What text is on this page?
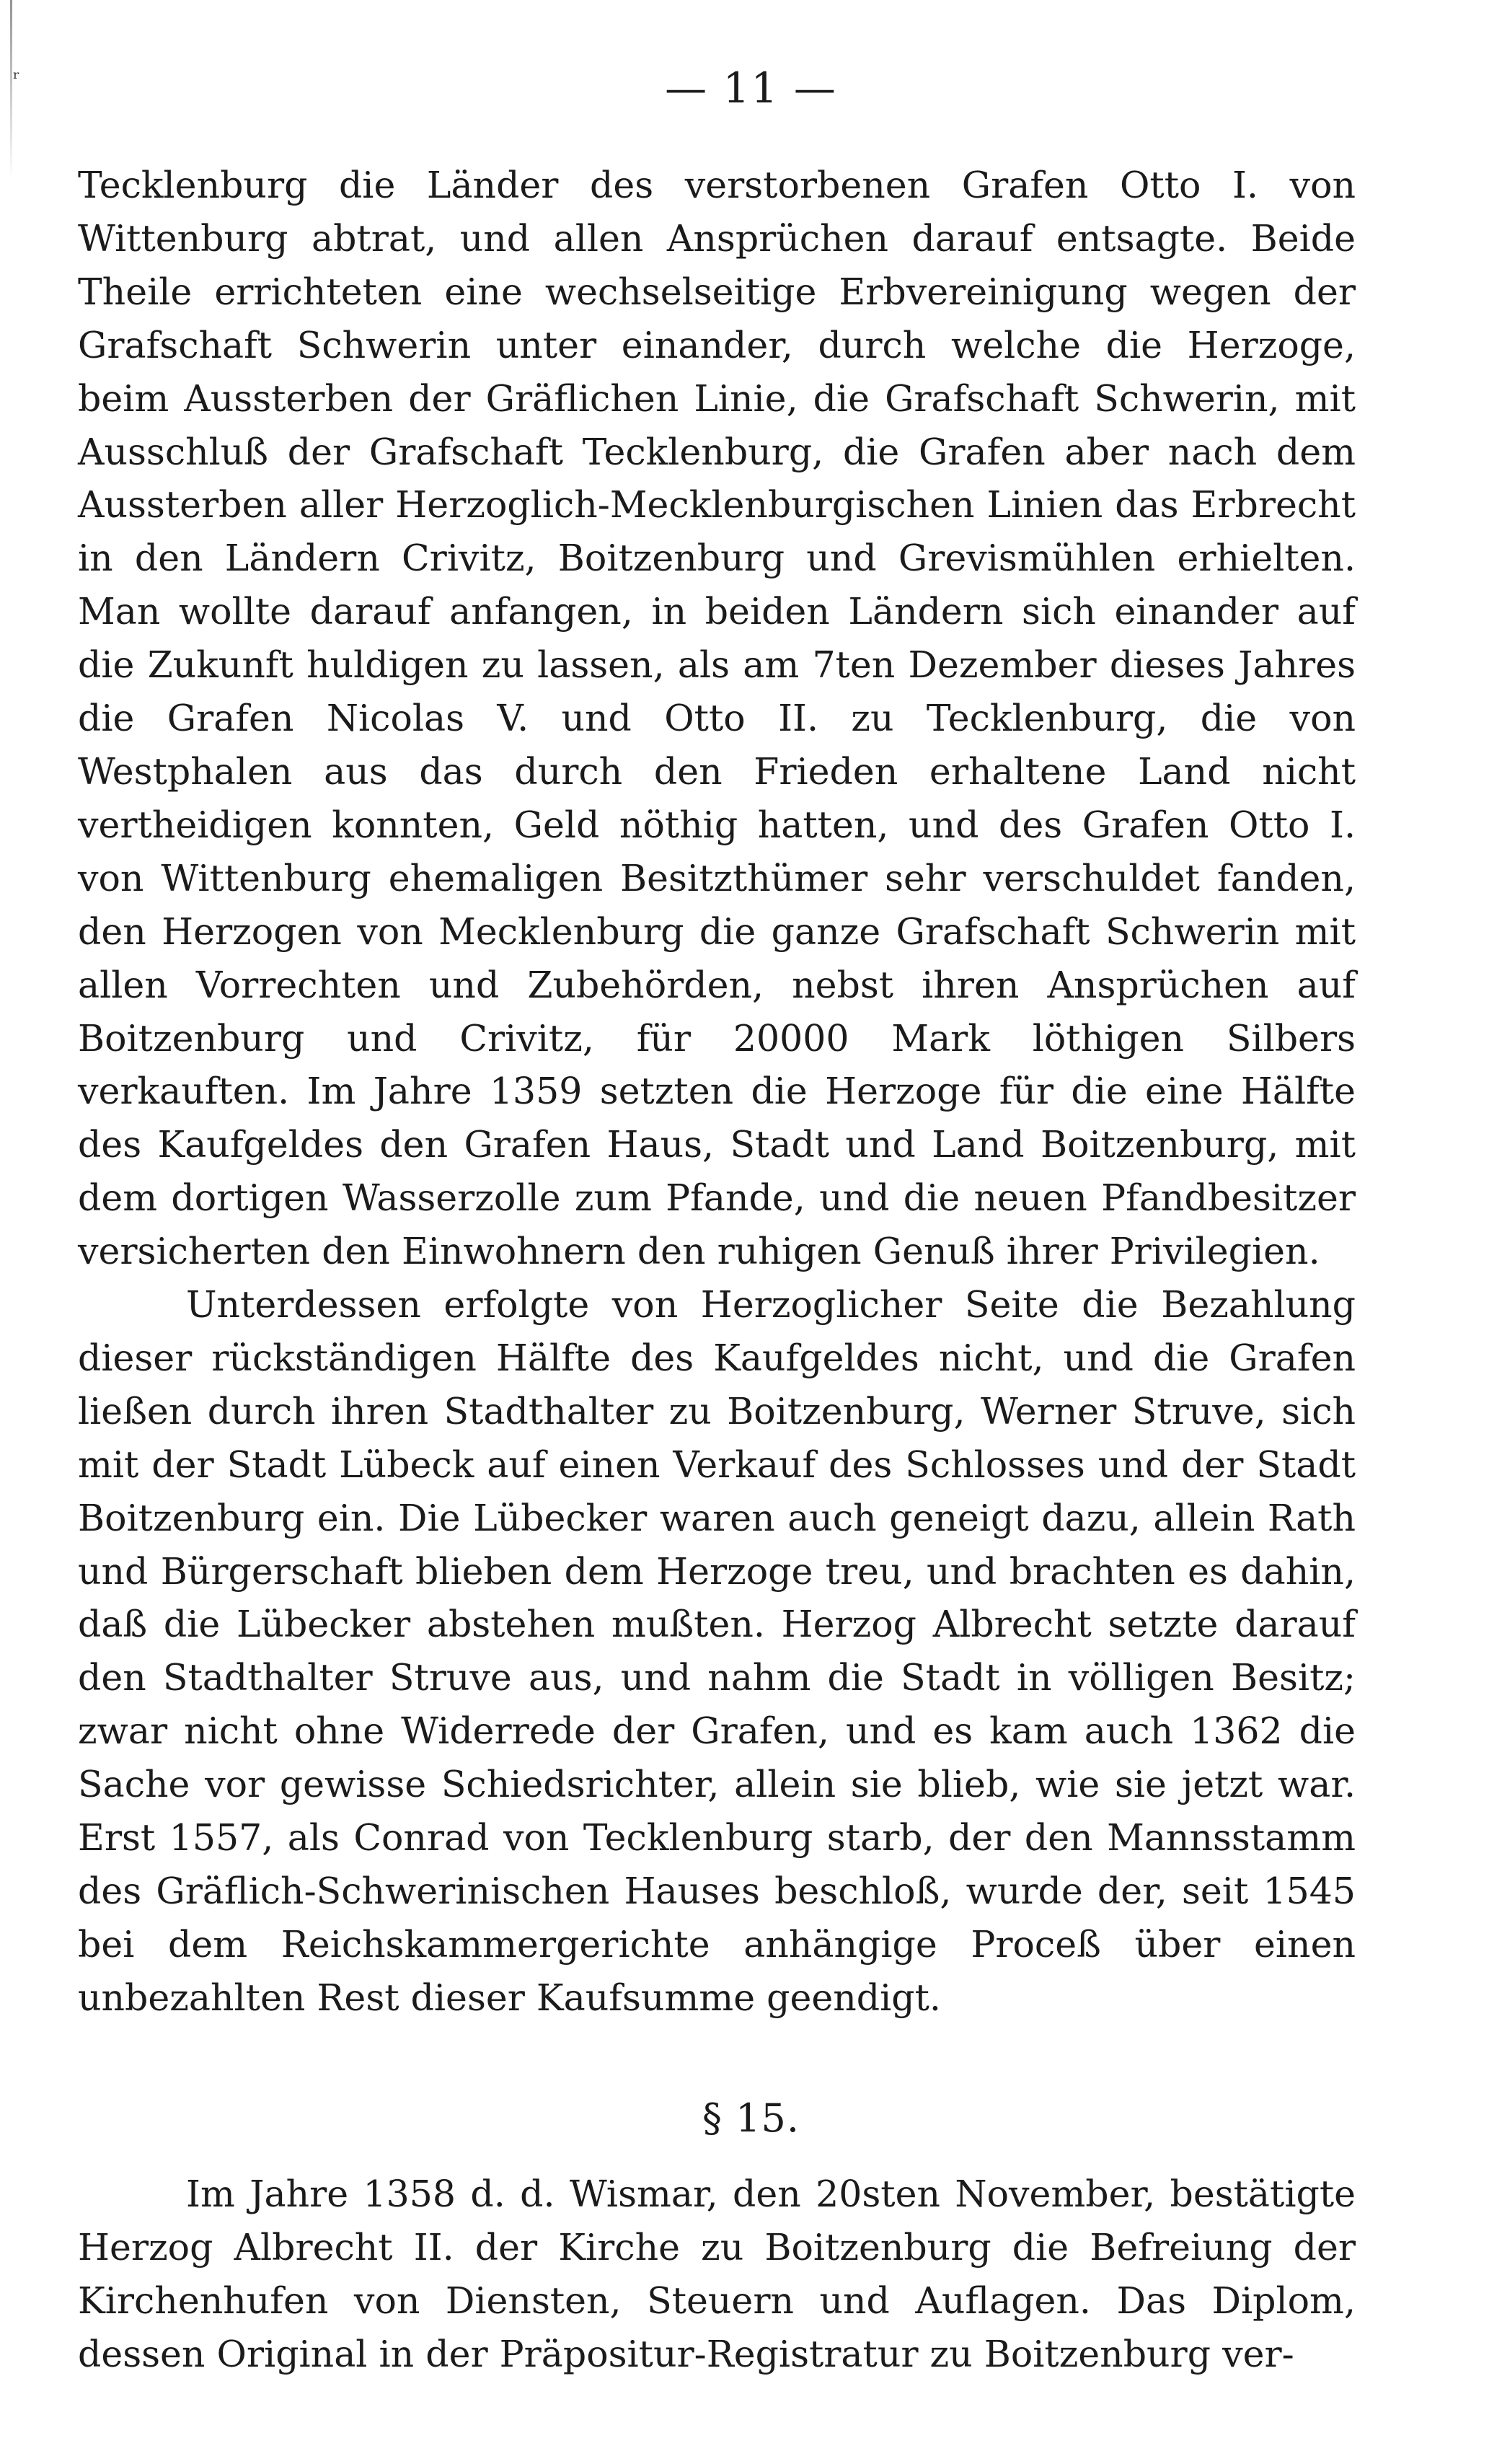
ʳ	— 11 —

Tecklenburg die Länder des verstorbenen Grafen Otto I. von Wittenburg abtrat, und allen Ansprüchen darauf entsagte. Beide Theile errichteten eine wechselseitige Erbvereinigung wegen der Grafschaft Schwerin unter einander, durch welche die Herzoge, beim Aussterben der Gräflichen Linie, die Grafschaft Schwerin, mit Ausschluß der Grafschaft Tecklenburg, die Grafen aber nach dem Aussterben aller Herzoglich-Mecklenburgischen Linien das Erbrecht in den Ländern Crivitz, Boitzenburg und Grevismühlen erhielten. Man wollte darauf anfangen, in beiden Ländern sich einander auf die Zukunft huldigen zu lassen, als am 7ten Dezember dieses Jahres die Grafen Nicolas V. und Otto II. zu Tecklenburg, die von Westphalen aus das durch den Frieden erhaltene Land nicht vertheidigen konnten, Geld nöthig hatten, und des Grafen Otto I. von Wittenburg ehemaligen Besitzthümer sehr verschuldet fanden, den Herzogen von Mecklenburg die ganze Grafschaft Schwerin mit allen Vorrechten und Zubehörden, nebst ihren Ansprüchen auf Boitzenburg und Crivitz, für 20000 Mark löthigen Silbers verkauften. Im Jahre 1359 setzten die Herzoge für die eine Hälfte des Kaufgeldes den Grafen Haus, Stadt und Land Boitzenburg, mit dem dortigen Wasserzolle zum Pfande, und die neuen Pfandbesitzer versicherten den Einwohnern den ruhigen Genuß ihrer Privilegien.

Unterdessen erfolgte von Herzoglicher Seite die Bezahlung dieser rückständigen Hälfte des Kaufgeldes nicht, und die Grafen ließen durch ihren Stadthalter zu Boitzenburg, Werner Struve, sich mit der Stadt Lübeck auf einen Verkauf des Schlosses und der Stadt Boitzenburg ein. Die Lübecker waren auch geneigt dazu, allein Rath und Bürgerschaft blieben dem Herzoge treu, und brachten es dahin, daß die Lübecker abstehen mußten. Herzog Albrecht setzte darauf den Stadthalter Struve aus, und nahm die Stadt in völligen Besitz; zwar nicht ohne Widerrede der Grafen, und es kam auch 1362 die Sache vor gewisse Schiedsrichter, allein sie blieb, wie sie jetzt war. Erst 1557, als Conrad von Tecklenburg starb, der den Mannsstamm des Gräflich-Schwerinischen Hauses beschloß, wurde der, seit 1545 bei dem Reichskammergerichte anhängige Proceß über einen unbezahlten Rest dieser Kaufsumme geendigt.

§ 15.

Im Jahre 1358 d. d. Wismar, den 20sten November, bestätigte Herzog Albrecht II. der Kirche zu Boitzenburg die Befreiung der Kirchenhufen von Diensten, Steuern und Auflagen. Das Diplom, dessen Original in der Präpositur-Registratur zu Boitzenburg ver-
